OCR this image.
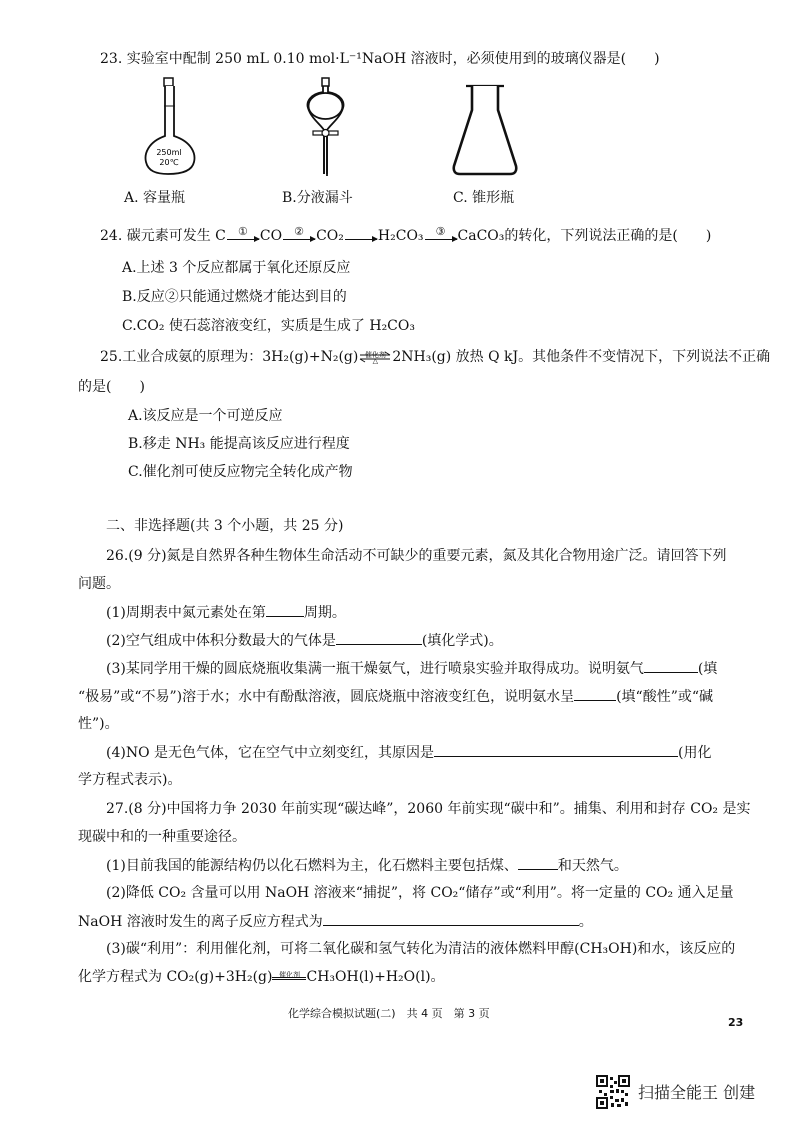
23. 实验室中配制 250 mL 0.10 mol·L⁻¹NaOH 溶液时，必须使用到的玻璃仪器是(　　)
250ml
20℃
A. 容量瓶	B.分液漏斗	C. 锥形瓶
24. 碳元素可发生 C	① CO	② CO₂ H₂CO₃	③ CaCO₃的转化，下列说法正确的是(　　)
A.上述 3 个反应都属于氧化还原反应
B.反应②只能通过燃烧才能达到目的
C.CO₂ 使石蕊溶液变红，实质是生成了 H₂CO₃
25.工业合成氨的原理为：3H₂(g)+N₂(g) 催化剂
△	2NH₃(g) 放热 Q kJ。其他条件不变情况下，下列说法不正确
的是(　　)
A.该反应是一个可逆反应
B.移走 NH₃ 能提高该反应进行程度
C.催化剂可使反应物完全转化成产物
二、非选择题(共 3 个小题，共 25 分)
26.(9 分)氮是自然界各种生物体生命活动不可缺少的重要元素，氮及其化合物用途广泛。请回答下列
问题。
(1)周期表中氮元素处在第	周期。
(2)空气组成中体积分数最大的气体是	(填化学式)。
(3)某同学用干燥的圆底烧瓶收集满一瓶干燥氨气，进行喷泉实验并取得成功。说明氨气	(填
“极易”或“不易”)溶于水；水中有酚酞溶液，圆底烧瓶中溶液变红色，说明氨水呈	(填“酸性”或“碱
性”)。
(4)NO 是无色气体，它在空气中立刻变红，其原因是	(用化
学方程式表示)。
27.(8 分)中国将力争 2030 年前实现“碳达峰”，2060 年前实现“碳中和”。捕集、利用和封存 CO₂ 是实
现碳中和的一种重要途径。
(1)目前我国的能源结构仍以化石燃料为主，化石燃料主要包括煤、	和天然气。
(2)降低 CO₂ 含量可以用 NaOH 溶液来“捕捉”，将 CO₂“储存”或“利用”。将一定量的 CO₂ 通入足量
NaOH 溶液时发生的离子反应方程式为	。
(3)碳“利用”：利用催化剂，可将二氧化碳和氢气转化为清洁的液体燃料甲醇(CH₃OH)和水，该反应的
化学方程式为 CO₂(g)+3H₂(g) 催化剂 CH₃OH(l)+H₂O(l)。
化学综合模拟试题(二)　共 4 页　第 3 页
23
扫描全能王 创建
